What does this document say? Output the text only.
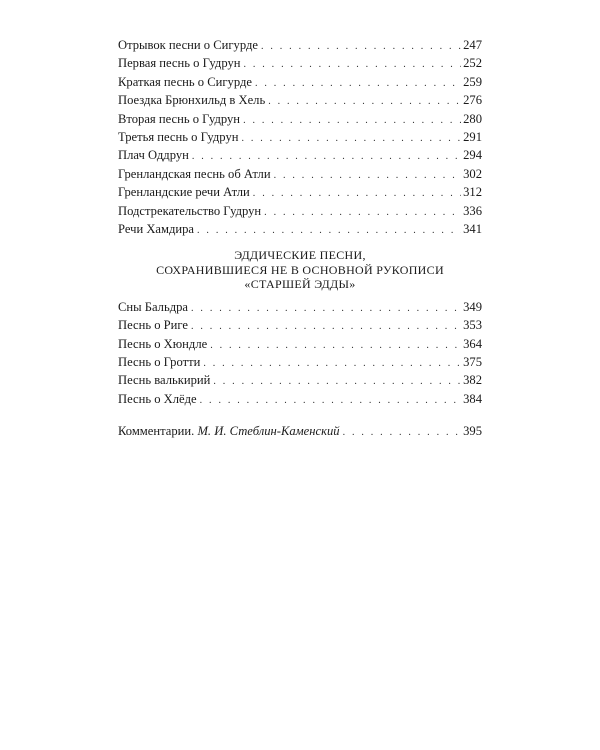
Отрывок песни о Сигурде . . .	247
Первая песнь о Гудрун . . .	252
Краткая песнь о Сигурде . . .	259
Поездка Брюнхильд в Хель . . .	276
Вторая песнь о Гудрун . . .	280
Третья песнь о Гудрун . . .	291
Плач Оддрун . . .	294
Гренландская песнь об Атли . . .	302
Гренландские речи Атли . . .	312
Подстрекательство Гудрун . . .	336
Речи Хамдира . . .	341
ЭДДИЧЕСКИЕ ПЕСНИ,
СОХРАНИВШИЕСЯ НЕ В ОСНОВНОЙ РУКОПИСИ
«СТАРШЕЙ ЭДДЫ»
Сны Бальдра . . .	349
Песнь о Риге . . .	353
Песнь о Хюндле . . .	364
Песнь о Гротти . . .	375
Песнь валькирий . . .	382
Песнь о Хлёде . . .	384
Комментарии. М. И. Стеблин-Каменский . . .	395
